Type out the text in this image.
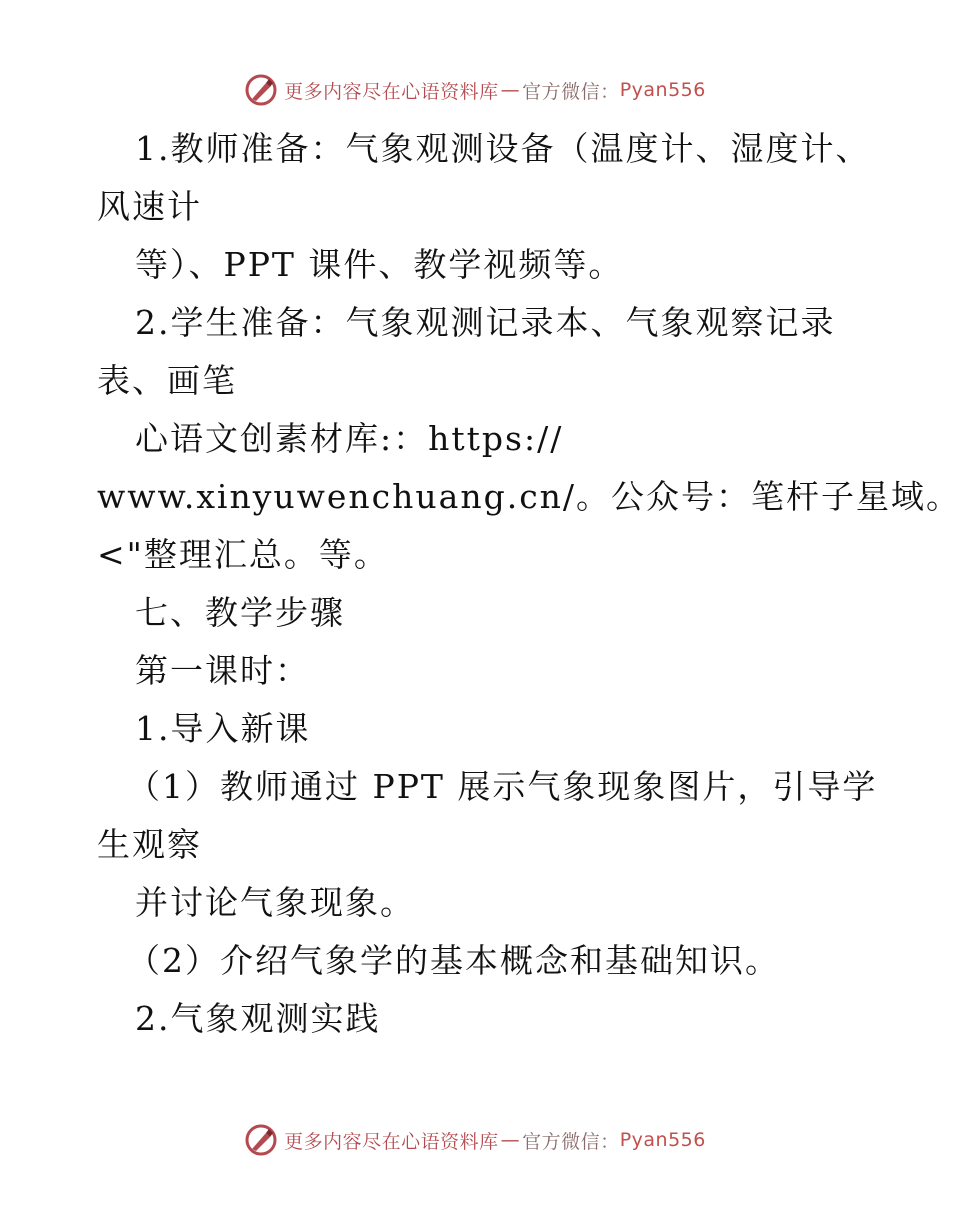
更多内容尽在心语资料库 — 官方微信： Pyan556
1.教师准备：气象观测设备（温度计、湿度计、
风速计
等）、PPT 课件、教学视频等。
2.学生准备：气象观测记录本、气象观察记录
表、画笔
心语文创素材库:：https://
www.xinyuwenchuang.cn/。公众号：笔杆子星域。
<"整理汇总。等。
七、教学步骤
第一课时：
1.导入新课
（1）教师通过 PPT 展示气象现象图片，引导学
生观察
并讨论气象现象。
（2）介绍气象学的基本概念和基础知识。
2.气象观测实践
更多内容尽在心语资料库 — 官方微信： Pyan556
